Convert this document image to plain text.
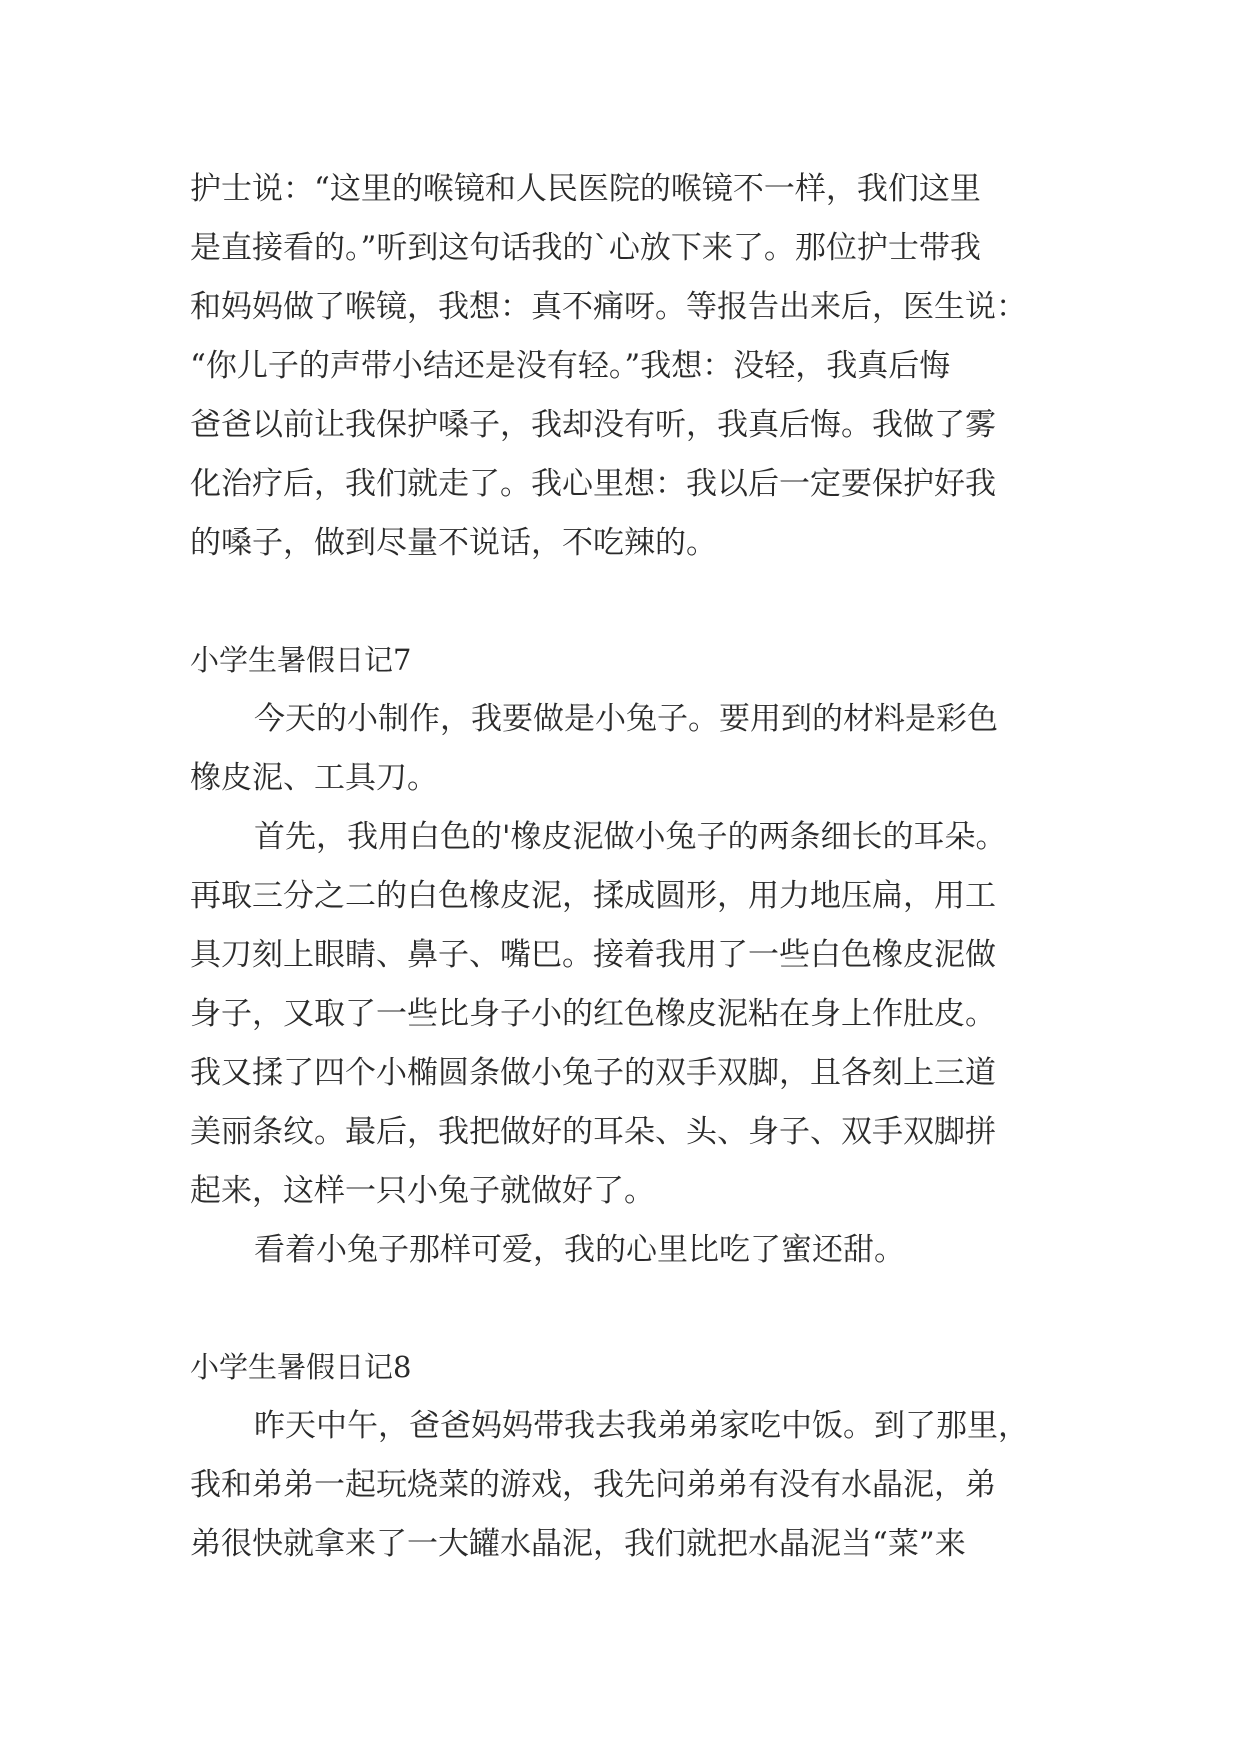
护士说：“这里的喉镜和人民医院的喉镜不一样，我们这里
是直接看的。”听到这句话我的`心放下来了。那位护士带我
和妈妈做了喉镜，我想：真不痛呀。等报告出来后，医生说：
“你儿子的声带小结还是没有轻。”我想：没轻，我真后悔
爸爸以前让我保护嗓子，我却没有听，我真后悔。我做了雾
化治疗后，我们就走了。我心里想：我以后一定要保护好我
的嗓子，做到尽量不说话，不吃辣的。
小学生暑假日记7
今天的小制作，我要做是小兔子。要用到的材料是彩色
橡皮泥、工具刀。
首先，我用白色的'橡皮泥做小兔子的两条细长的耳朵。
再取三分之二的白色橡皮泥，揉成圆形，用力地压扁，用工
具刀刻上眼睛、鼻子、嘴巴。接着我用了一些白色橡皮泥做
身子，又取了一些比身子小的红色橡皮泥粘在身上作肚皮。
我又揉了四个小椭圆条做小兔子的双手双脚，且各刻上三道
美丽条纹。最后，我把做好的耳朵、头、身子、双手双脚拼
起来，这样一只小兔子就做好了。
看着小兔子那样可爱，我的心里比吃了蜜还甜。
小学生暑假日记8
昨天中午，爸爸妈妈带我去我弟弟家吃中饭。到了那里，
我和弟弟一起玩烧菜的游戏，我先问弟弟有没有水晶泥，弟
弟很快就拿来了一大罐水晶泥，我们就把水晶泥当“菜”来
